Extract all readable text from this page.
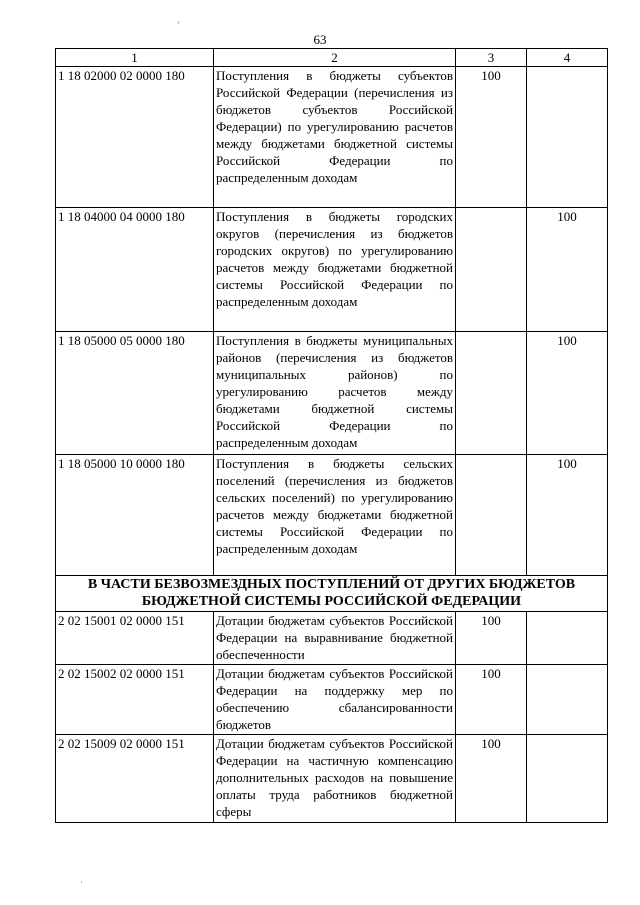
63
'
1	2	3	4
1 18 02000 02 0000 180	Поступления в бюджеты субъектов Российской Федерации (перечисления из бюджетов субъектов Российской Федерации) по урегулированию расчетов между бюджетами бюджетной системы Российской Федерации по распределенным доходам	100	
1 18 04000 04 0000 180	Поступления в бюджеты городских округов (перечисления из бюджетов городских округов) по урегулированию расчетов между бюджетами бюджетной системы Российской Федерации по распределенным доходам		100
1 18 05000 05 0000 180	Поступления в бюджеты муниципальных районов (перечисления из бюджетов муниципальных районов) по урегулированию расчетов между бюджетами бюджетной системы Российской Федерации по распределенным доходам		100
1 18 05000 10 0000 180	Поступления в бюджеты сельских поселений (перечисления из бюджетов сельских поселений) по урегулированию расчетов между бюджетами бюджетной системы Российской Федерации по распределенным доходам		100

В ЧАСТИ БЕЗВОЗМЕЗДНЫХ ПОСТУПЛЕНИЙ ОТ ДРУГИХ БЮДЖЕТОВ
БЮДЖЕТНОЙ СИСТЕМЫ РОССИЙСКОЙ ФЕДЕРАЦИИ			

2 02 15001 02 0000 151	Дотации бюджетам субъектов Российской Федерации на выравнивание бюджетной обеспеченности	100	
2 02 15002 02 0000 151	Дотации бюджетам субъектов Российской Федерации на поддержку мер по обеспечению сбалансированности бюджетов	100	
2 02 15009 02 0000 151	Дотации бюджетам субъектов Российской Федерации на частичную компенсацию дополнительных расходов на повышение оплаты труда работников бюджетной сферы	100	
˙
